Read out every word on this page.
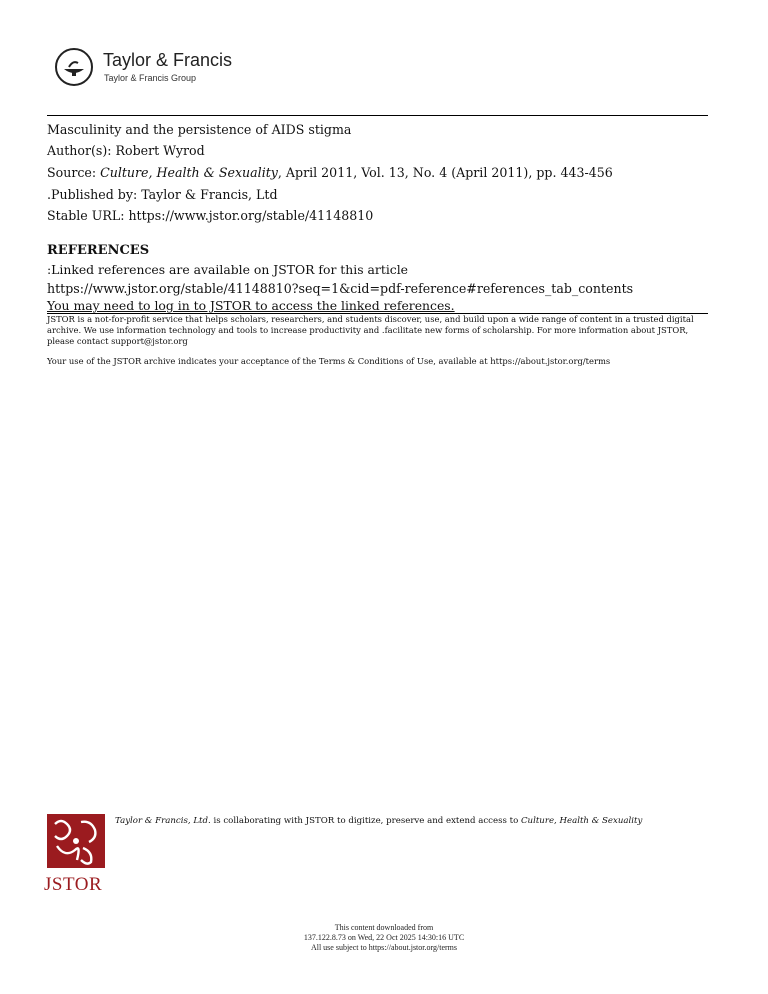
Taylor & Francis
Taylor & Francis Group
Masculinity and the persistence of AIDS stigma
Author(s): Robert Wyrod
Source: Culture, Health & Sexuality, April 2011, Vol. 13, No. 4 (April 2011), pp. 443-456
.Published by: Taylor & Francis, Ltd
Stable URL: https://www.jstor.org/stable/41148810
REFERENCES
:Linked references are available on JSTOR for this article
https://www.jstor.org/stable/41148810?seq=1&cid=pdf-reference#references_tab_contents
You may need to log in to JSTOR to access the linked references.
JSTOR is a not-for-profit service that helps scholars, researchers, and students discover, use, and build upon a wide range of content in a trusted digital archive. We use information technology and tools to increase productivity and .facilitate new forms of scholarship. For more information about JSTOR, please contact support@jstor.org
Your use of the JSTOR archive indicates your acceptance of the Terms & Conditions of Use, available at https://about.jstor.org/terms
JSTOR
Taylor & Francis, Ltd. is collaborating with JSTOR to digitize, preserve and extend access to Culture, Health & Sexuality
This content downloaded from
137.122.8.73 on Wed, 22 Oct 2025 14:30:16 UTC
All use subject to https://about.jstor.org/terms
